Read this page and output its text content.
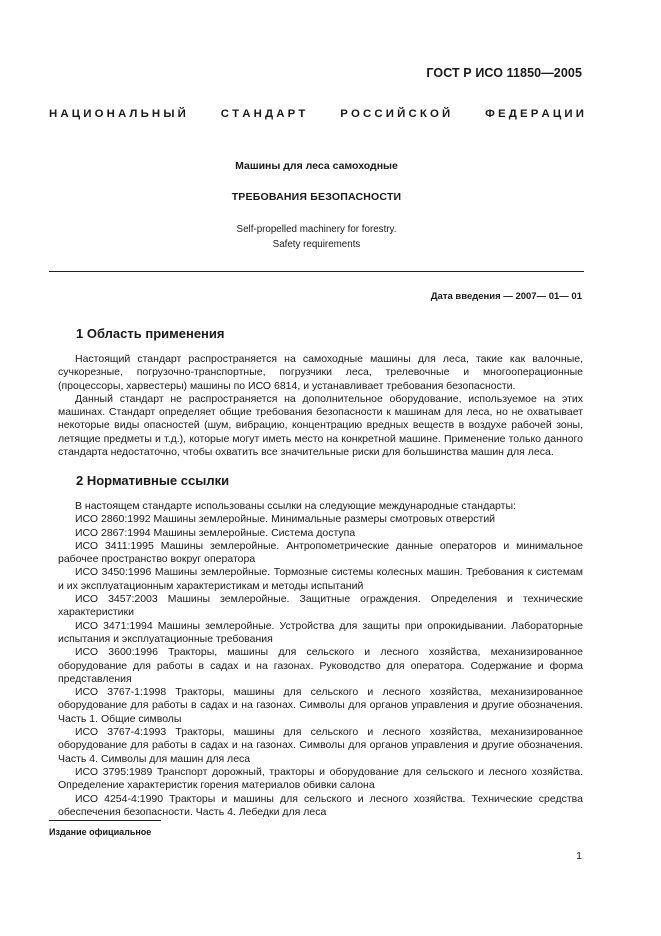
ГОСТ Р ИСО 11850—2005
Н А Ц И О Н А Л Ь Н Ы Й	С Т А Н Д А Р Т	Р О С С И Й С К О Й	Ф Е Д Е Р А Ц И И
Машины для леса самоходные
ТРЕБОВАНИЯ БЕЗОПАСНОСТИ
Self-propelled machinery for forestry.
Safety requirements
Дата введения — 2007— 01— 01
1 Область применения

Настоящий стандарт распространяется на самоходные машины для леса, такие как валочные, сучкорезные, погрузочно-транспортные, погрузчики леса, трелевочные и многооперационные (процессоры, харвестеры) машины по ИСО 6814, и устанавливает требования безопасности.

Данный стандарт не распространяется на дополнительное оборудование, используемое на этих машинах. Стандарт определяет общие требования безопасности к машинам для леса, но не охватывает некоторые виды опасностей (шум, вибрацию, концентрацию вредных веществ в воздухе рабочей зоны, летящие предметы и т.д.), которые могут иметь место на конкретной машине. Применение только данного стандарта недостаточно, чтобы охватить все значительные риски для большинства машин для леса.

2 Нормативные ссылки

В настоящем стандарте использованы ссылки на следующие международные стандарты:

ИСО 2860:1992 Машины землеройные. Минимальные размеры смотровых отверстий

ИСО 2867:1994 Машины землеройные. Система доступа

ИСО 3411:1995 Машины землеройные. Антропометрические данные операторов и минимальное рабочее пространство вокруг оператора

ИСО 3450:1996 Машины землеройные. Тормозные системы колесных машин. Требования к системам и их эксплуатационным характеристикам и методы испытаний

ИСО 3457:2003 Машины землеройные. Защитные ограждения. Определения и технические характеристики

ИСО 3471:1994 Машины землеройные. Устройства для защиты при опрокидывании. Лабораторные испытания и эксплуатационные требования

ИСО 3600:1996 Тракторы, машины для сельского и лесного хозяйства, механизированное оборудование для работы в садах и на газонах. Руководство для оператора. Содержание и форма представления

ИСО 3767-1:1998 Тракторы, машины для сельского и лесного хозяйства, механизированное оборудование для работы в садах и на газонах. Символы для органов управления и другие обозначения. Часть 1. Общие символы

ИСО 3767-4:1993 Тракторы, машины для сельского и лесного хозяйства, механизированное оборудование для работы в садах и на газонах. Символы для органов управления и другие обозначения. Часть 4. Символы для машин для леса

ИСО 3795:1989 Транспорт дорожный, тракторы и оборудование для сельского и лесного хозяйства. Определение характеристик горения материалов обивки салона

ИСО 4254-4:1990 Тракторы и машины для сельского и лесного хозяйства. Технические средства обеспечения безопасности. Часть 4. Лебедки для леса

Издание официальное
1
